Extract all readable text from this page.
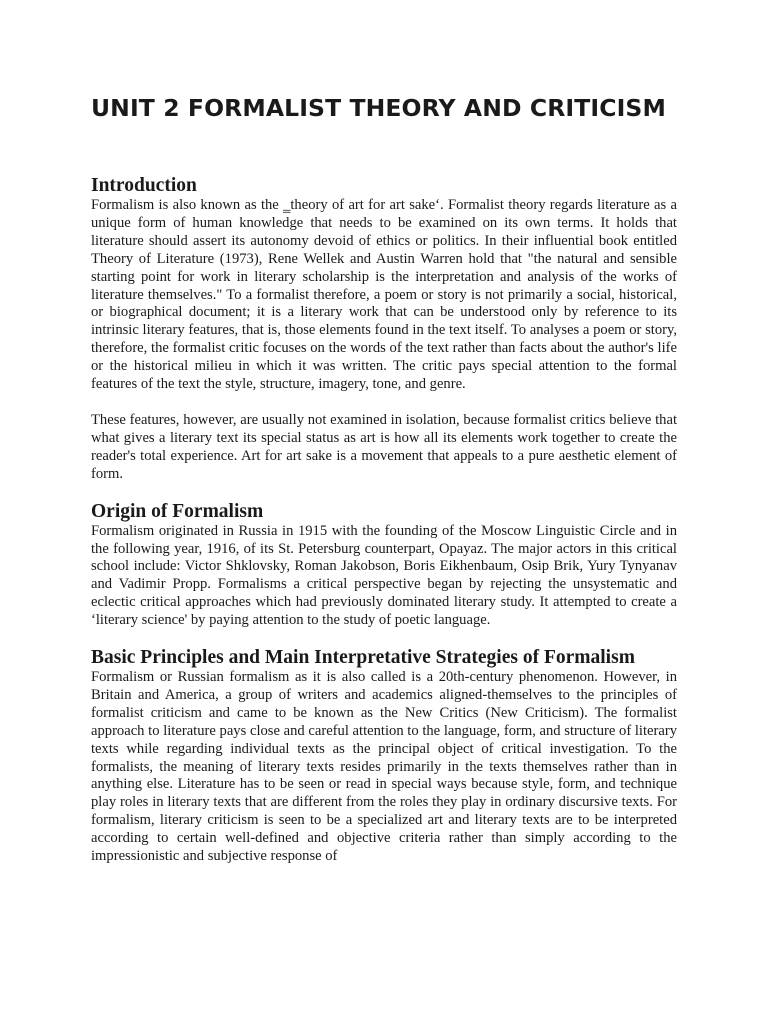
UNIT 2 FORMALIST THEORY AND CRITICISM
Introduction

Formalism is also known as the ‗theory of art for art sake‘. Formalist theory regards literature as a unique form of human knowledge that needs to be examined on its own terms. It holds that literature should assert its autonomy devoid of ethics or politics. In their influential book entitled Theory of Literature (1973), Rene Wellek and Austin Warren hold that "the natural and sensible starting point for work in literary scholarship is the interpretation and analysis of the works of literature themselves." To a formalist therefore, a poem or story is not primarily a social, historical, or biographical document; it is a literary work that can be understood only by reference to its intrinsic literary features, that is, those elements found in the text itself. To analyses a poem or story, therefore, the formalist critic focuses on the words of the text rather than facts about the author's life or the historical milieu in which it was written. The critic pays special attention to the formal features of the text the style, structure, imagery, tone, and genre.

These features, however, are usually not examined in isolation, because formalist critics believe that what gives a literary text its special status as art is how all its elements work together to create the reader's total experience. Art for art sake is a movement that appeals to a pure aesthetic element of form.

Origin of Formalism

Formalism originated in Russia in 1915 with the founding of the Moscow Linguistic Circle and in the following year, 1916, of its St. Petersburg counterpart, Opayaz. The major actors in this critical school include: Victor Shklovsky, Roman Jakobson, Boris Eikhenbaum, Osip Brik, Yury Tynyanav and Vadimir Propp. Formalisms a critical perspective began by rejecting the unsystematic and eclectic critical approaches which had previously dominated literary study. It attempted to create a ‘literary science' by paying attention to the study of poetic language.

Basic Principles and Main Interpretative Strategies of Formalism

Formalism or Russian formalism as it is also called is a 20th-century phenomenon. However, in Britain and America, a group of writers and academics aligned-themselves to the principles of formalist criticism and came to be known as the New Critics (New Criticism). The formalist approach to literature pays close and careful attention to the language, form, and structure of literary texts while regarding individual texts as the principal object of critical investigation. To the formalists, the meaning of literary texts resides primarily in the texts themselves rather than in anything else. Literature has to be seen or read in special ways because style, form, and technique play roles in literary texts that are different from the roles they play in ordinary discursive texts. For formalism, literary criticism is seen to be a specialized art and literary texts are to be interpreted according to certain well-defined and objective criteria rather than simply according to the impressionistic and subjective response of
